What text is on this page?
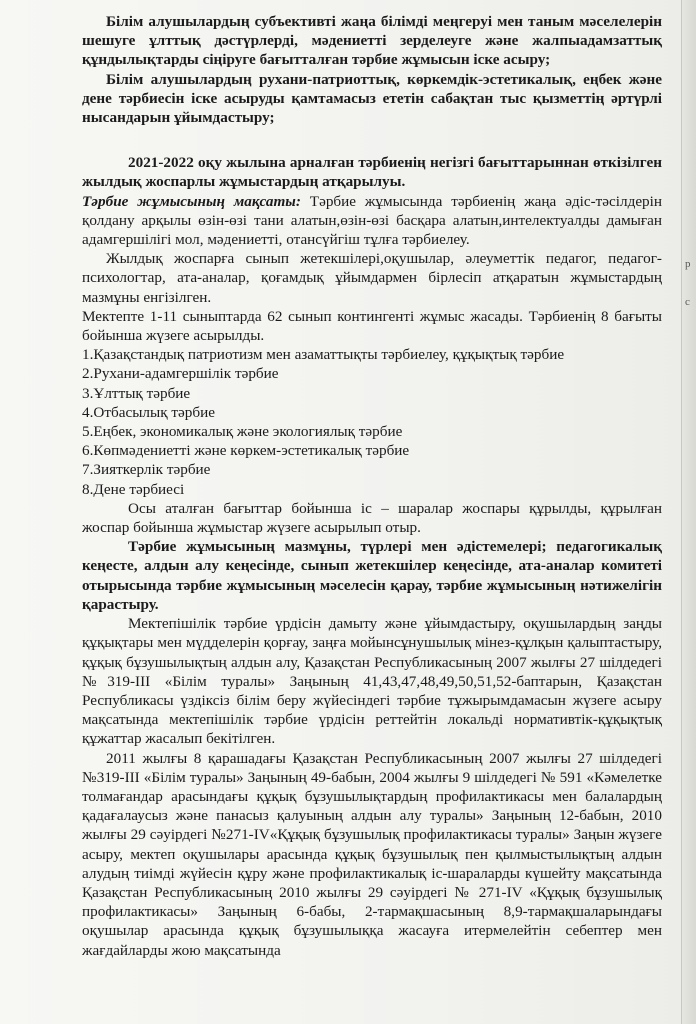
р
с

Білім алушылардың субъективті жаңа білімді меңгеруі мен таным мәселелерін шешуге ұлттық дәстүрлерді, мәдениетті зерделеуге және жалпыадамзаттық құндылықтарды сіңіруге бағытталған тәрбие жұмысын іске асыру;

Білім алушылардың рухани-патриоттық, көркемдік-эстетикалық, еңбек және дене тәрбиесін іске асыруды қамтамасыз ететін сабақтан тыс қызметтің әртүрлі нысандарын ұйымдастыру;

2021-2022 оқу жылына арналған тәрбиенің негізгі бағыттарыннан өткізілген жылдық жоспарлы жұмыстардың атқарылуы.

Тәрбие жұмысының мақсаты: Тәрбие жұмысында тәрбиенің жаңа әдіс-тәсілдерін қолдану арқылы өзін-өзі тани алатын,өзін-өзі басқара алатын,интелектуалды дамыған адамгершілігі мол, мәдениетті, отансүйгіш тұлға тәрбиелеу.

Жылдық жоспарға сынып жетекшілері,оқушылар, әлеуметтік педагог, педагог-психологтар, ата-аналар, қоғамдық ұйымдармен бірлесіп атқаратын жұмыстардың мазмұны енгізілген.

Мектепте 1-11 сыныптарда 62 сынып контингенті жұмыс жасады. Тәрбиенің 8 бағыты бойынша жүзеге асырылды.

1.Қазақстандық патриотизм мен азаматтықты тәрбиелеу, құқықтық тәрбие
2.Рухани-адамгершілік тәрбие
3.Ұлттық тәрбие
4.Отбасылық тәрбие
5.Еңбек, экономикалық және экологиялық тәрбие
6.Көпмәдениетті және көркем-эстетикалық тәрбие
7.Зияткерлік тәрбие
8.Дене тәрбиесі

Осы аталған бағыттар бойынша іс – шаралар жоспары құрылды, құрылған жоспар бойынша жұмыстар жүзеге асырылып отыр.

Тәрбие жұмысының мазмұны, түрлері мен әдістемелері; педагогикалық кеңесте, алдын алу кеңесінде, сынып жетекшілер кеңесінде, ата-аналар комитеті отырысында тәрбие жұмысының мәселесін қарау, тәрбие жұмысының нәтижелігін қарастыру.

Мектепішілік тәрбие үрдісін дамыту және ұйымдастыру, оқушылардың заңды құқықтары мен мүдделерін қорғау, заңға мойынсұнушылық мінез-құлқын қалыптастыру, құқық бұзушылықтың алдын алу, Қазақстан Республикасының 2007 жылғы 27 шілдедегі №319-ІІІ «Білім туралы» Заңының 41,43,47,48,49,50,51,52-баптарын, Қазақстан Республикасы үздіксіз білім беру жүйесіндегі тәрбие тұжырымдамасын жүзеге асыру мақсатында мектепішілік тәрбие үрдісін реттейтін локальді нормативтік-құқықтық құжаттар жасалып бекітілген.

2011 жылғы 8 қарашадағы Қазақстан Республикасының 2007 жылғы 27 шілдедегі №319-ІІІ «Білім туралы» Заңының 49-бабын, 2004 жылғы 9 шілдедегі № 591 «Кәмелетке толмағандар арасындағы құқық бұзушылықтардың профилактикасы мен балалардың қадағалаусыз және панасыз қалуының алдын алу туралы» Заңының 12-бабын, 2010 жылғы 29 сәуірдегі №271-IV«Құқық бұзушылық профилактикасы туралы» Заңын жүзеге асыру, мектеп оқушылары арасында құқық бұзушылық пен қылмыстылықтың алдын алудың тиімді жүйесін құру және профилактикалық іс-шараларды күшейту мақсатында Қазақстан Республикасының 2010 жылғы 29 сәуірдегі № 271-IV «Құқық бұзушылық профилактикасы» Заңының 6-бабы, 2-тармақшасының 8,9-тармақшаларындағы оқушылар арасында құқық бұзушылыққа жасауға итермелейтін себептер мен жағдайларды жою мақсатында
